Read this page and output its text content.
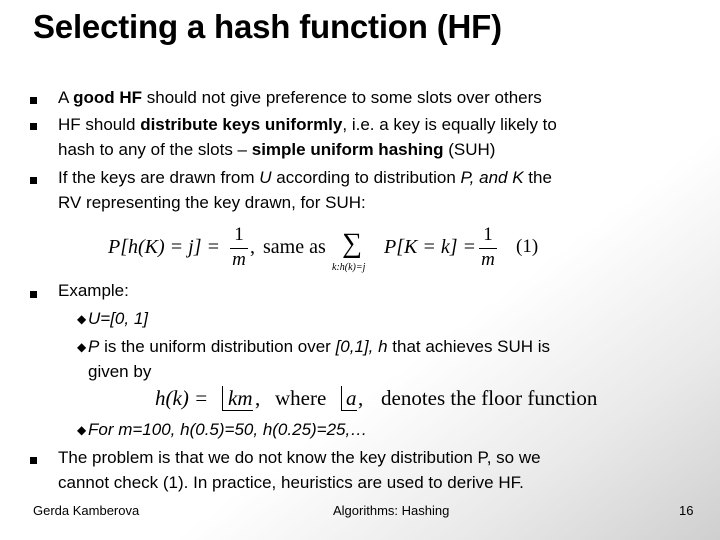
Selecting a hash function (HF)
A good HF should not give preference to some slots over others
HF should distribute keys uniformly, i.e. a key is equally likely to
hash to any of the slots – simple uniform hashing (SUH)
If the keys are drawn from U according to distribution P, and K the
RV representing the key drawn, for SUH:
P[h(K) = j] =
1
m
, same as ∑
k:h(k)=j
P[K = k] =
1
m
(1)
Example:
◆ U=[0, 1]
◆ P is the uniform distribution over [0,1], h that achieves SUH is
given by
h(k) = km , where a , denotes the floor function
◆ For m=100, h(0.5)=50, h(0.25)=25,…
The problem is that we do not know the key distribution P, so we
cannot check (1). In practice, heuristics are used to derive HF.
Gerda Kamberova	Algorithms: Hashing	16
